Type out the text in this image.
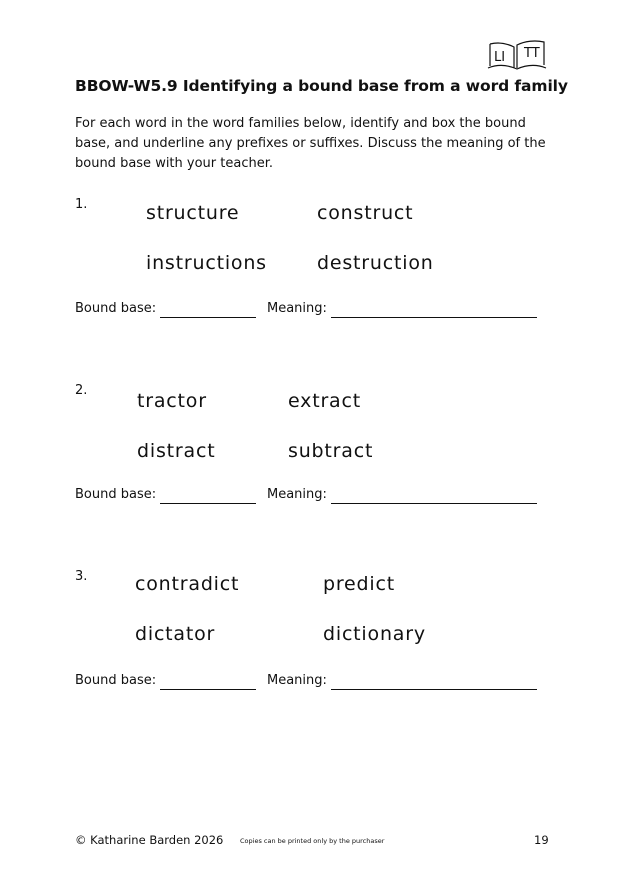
LI TT
BBOW-W5.9 Identifying a bound base from a word family
For each word in the word families below, identify and box the bound base, and underline any prefixes or suffixes. Discuss the meaning of the bound base with your teacher.
1.	structure	construct
instructions	destruction
Bound base:	Meaning:
2.	tractor	extract
distract	subtract
Bound base:	Meaning:
3.	contradict	predict
dictator	dictionary
Bound base:	Meaning:
© Katharine Barden 2026	Copies can be printed only by the purchaser	19
